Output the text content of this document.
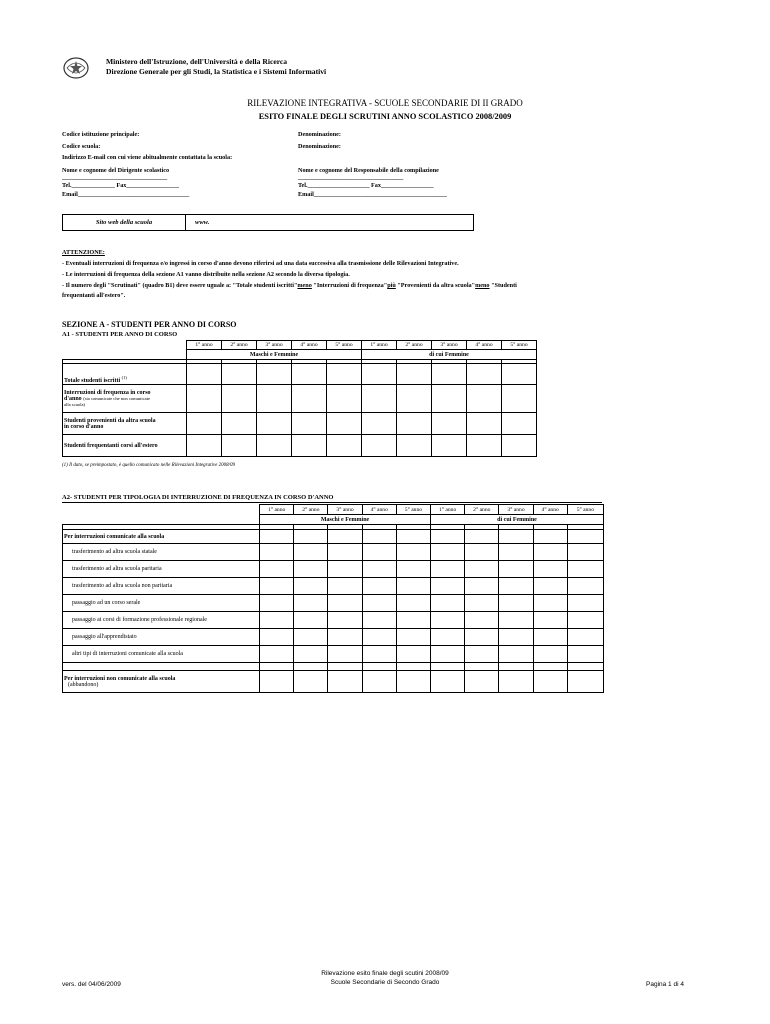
Ministero dell'Istruzione, dell'Università e della Ricerca
Direzione Generale per gli Studi, la Statistica e i Sistemi Informativi
RILEVAZIONE INTEGRATIVA - SCUOLE SECONDARIE DI II GRADO
ESITO FINALE DEGLI SCRUTINI ANNO SCOLASTICO 2008/2009
Codice istituzione principale:	Denominazione:
Codice scuola:	Denominazione:
Indirizzo E-mail con cui viene abitualmente contattata la scuola:
Nome e cognome del Dirigente scolastico	Nome e cognome del Responsabile della compilazione
__________________________________	__________________________________
Tel.______________ Fax_________________	Tel.____________________ Fax_________________
Email____________________________________	Email___________________________________________
Sito web della scuola	www.
ATTENZIONE:
- Eventuali interruzioni di frequenza e/o ingressi in corso d'anno devono riferirsi ad una data successiva alla trasmissione delle Rilevazioni Integrative.
- Le interruzioni di frequenza della sezione A1 vanno distribuite nella sezione A2 secondo la diversa tipologia.
- Il numero degli "Scrutinati" (quadro B1) deve essere uguale a: "Totale studenti iscritti"meno "Interruzioni di frequenza"più "Provenienti da altra scuola"meno "Studenti
frequentanti all'estero".
SEZIONE A - STUDENTI PER ANNO DI CORSO
A1 - STUDENTI PER ANNO DI CORSO
	1° anno	2° anno	3° anno	4° anno	5° anno	1° anno	2° anno	3° anno	4° anno	5° anno
	Maschi e Femmine					di cui Femmine				

Totale studenti iscritti $^{(1)}$										

Interruzioni di frequenza in corso
d'anno (sia comunicate che non comunicate
alla scuola)										

Studenti provenienti da altra scuola
in corso d'anno										

Studenti frequentanti corsi all'estero										
(1) Il dato, se preimpostato, è quello comunicato nelle Rilevazioni Integrative 2008/09
A2- STUDENTI PER TIPOLOGIA DI INTERRUZIONE DI FREQUENZA IN CORSO D'ANNO
	1° anno	2° anno	3° anno	4° anno	5° anno	1° anno	2° anno	3° anno	4° anno	5° anno
	Maschi e Femmine					di cui Femmine				

Per interruzioni comunicate alla scuola										
trasferimento ad altra scuola statale										
trasferimento ad altra scuola paritaria										
trasferimento ad altra scuola non paritaria										
passaggio ad un corso serale										
passaggio ai corsi di formazione professionale regionale										
passaggio all'apprendistato										
altri tipi di interruzioni comunicate alla scuola										

Per interruzioni non comunicate alla scuola
(abbandono)										

vers. del 04/06/2009
Rilevazione esito finale degli scutini 2008/09
Scuole Secondarie di Secondo Grado	Pagina 1 di 4
